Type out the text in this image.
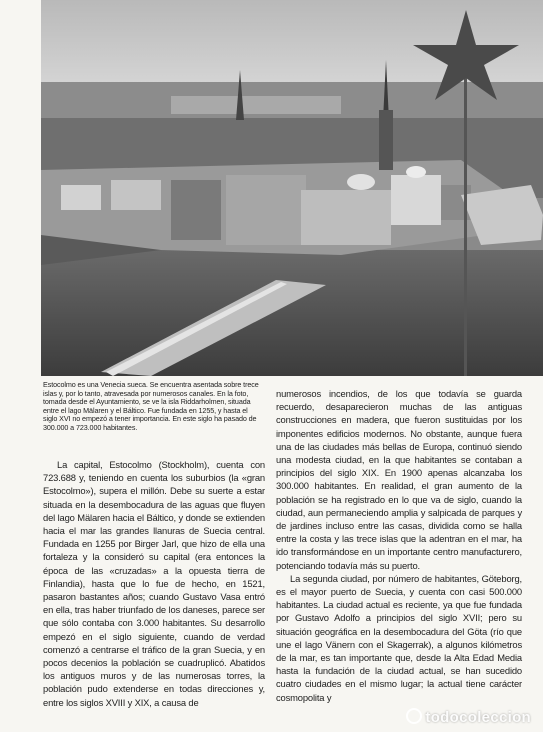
Estocolmo es una Venecia sueca. Se encuentra asentada sobre trece islas y, por lo tanto, atravesada por numerosos canales. En la foto, tomada desde el Ayuntamiento, se ve la isla Riddarholmen, situada entre el lago Mälaren y el Báltico. Fue fundada en 1255, y hasta el siglo XVI no empezó a tener importancia. En este siglo ha pasado de 300.000 a 723.000 habitantes.

La capital, Estocolmo (Stockholm), cuenta con 723.688 y, teniendo en cuenta los suburbios (la «gran Estocolmo»), supera el millón. Debe su suerte a estar situada en la desembocadura de las aguas que fluyen del lago Mälaren hacia el Báltico, y donde se extienden hacia el mar las grandes llanuras de Suecia central. Fundada en 1255 por Birger Jarl, que hizo de ella una fortaleza y la consideró su capital (era entonces la época de las «cruzadas» a la opuesta tierra de Finlandia), hasta que lo fue de hecho, en 1521, pasaron bastantes años; cuando Gustavo Vasa entró en ella, tras haber triunfado de los daneses, parece ser que sólo contaba con 3.000 habitantes. Su desarrollo empezó en el siglo siguiente, cuando de verdad comenzó a centrarse el tráfico de la gran Suecia, y en pocos decenios la población se cuadruplicó. Abatidos los antiguos muros y de las numerosas torres, la población pudo extenderse en todas direcciones y, entre los siglos XVIII y XIX, a causa de

numerosos incendios, de los que todavía se guarda recuerdo, desaparecieron muchas de las antiguas construcciones en madera, que fueron sustituidas por los imponentes edificios modernos. No obstante, aunque fuera una de las ciudades más bellas de Europa, continuó siendo una modesta ciudad, en la que habitantes se contaban a principios del siglo XIX. En 1900 apenas alcanzaba los 300.000 habitantes. En realidad, el gran aumento de la población se ha registrado en lo que va de siglo, cuando la ciudad, aun permaneciendo amplia y salpicada de parques y de jardines incluso entre las casas, dividida como se halla entre la costa y las trece islas que la adentran en el mar, ha ido transformándose en un importante centro manufacturero, potenciando todavía más su puerto.

La segunda ciudad, por número de habitantes, Göteborg, es el mayor puerto de Suecia, y cuenta con casi 500.000 habitantes. La ciudad actual es reciente, ya que fue fundada por Gustavo Adolfo a principios del siglo XVII; pero su situación geográfica en la desembocadura del Göta (río que une el lago Vänern con el Skagerrak), a algunos kilómetros de la mar, es tan importante que, desde la Alta Edad Media hasta la fundación de la ciudad actual, se han sucedido cuatro ciudades en el mismo lugar; la actual tiene carácter cosmopolita y

todocoleccion
